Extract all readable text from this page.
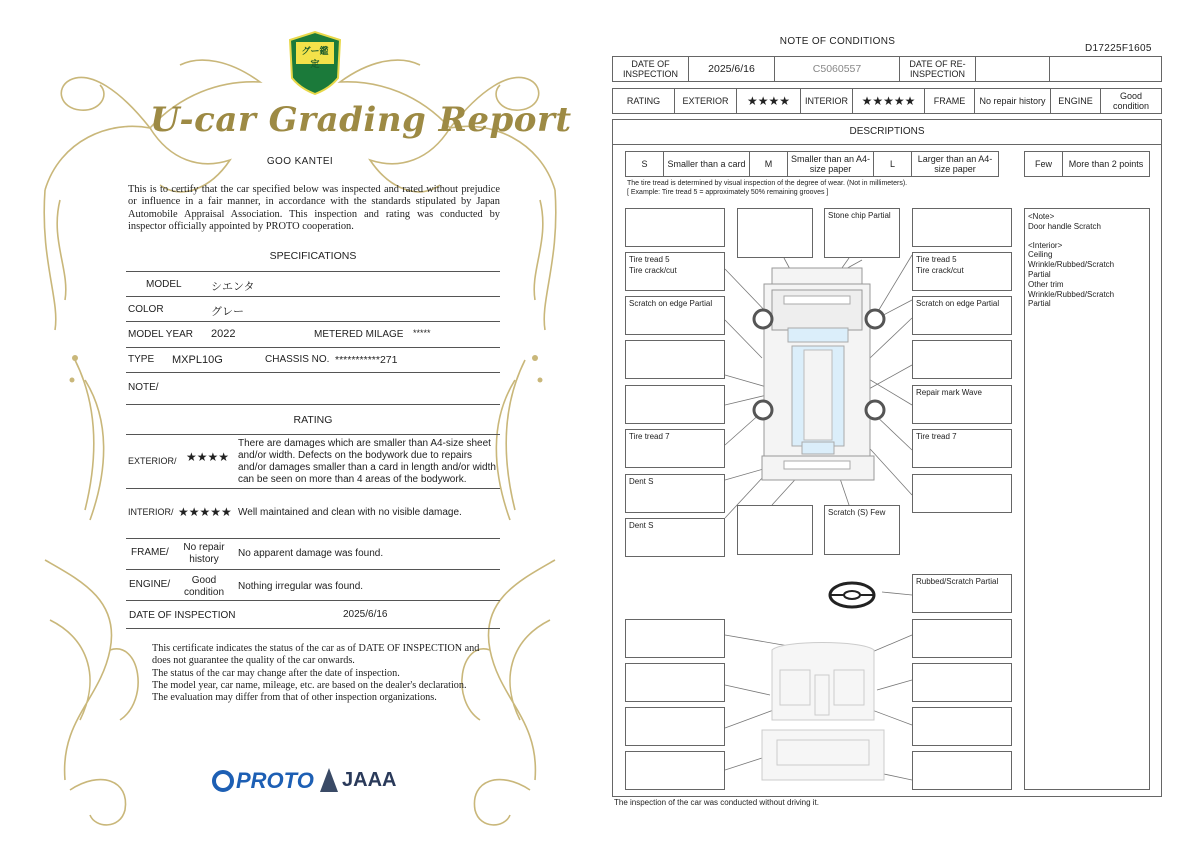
グー鑑定
U-car Grading Report
GOO KANTEI
This is to certify that the car specified below was inspected and rated without prejudice or influence in a fair manner, in accordance with the standards stipulated by Japan Automobile Appraisal Association. This inspection and rating was conducted by inspector officially appointed by PROTO cooperation.
SPECIFICATIONS
MODEL	シエンタ
COLOR	グレー
MODEL YEAR 2022	METERED MILAGE *****
TYPE MXPL10G	CHASSIS NO. ***********271
NOTE/
RATING
EXTERIOR/ ★★★★
There are damages which are smaller than A4-size sheet and/or width. Defects on the bodywork due to repairs and/or damages smaller than a card in length and/or width can be seen on more than 4 areas of the bodywork.
INTERIOR/ ★★★★★ Well maintained and clean with no visible damage.
FRAME/	No repair history
No apparent damage was found.
ENGINE/	Good condition
Nothing irregular was found.
DATE OF INSPECTION	2025/6/16
This certificate indicates the status of the car as of DATE OF INSPECTION and does not guarantee the quality of the car onwards.
The status of the car may change after the date of inspection.
The model year, car name, mileage, etc. are based on the dealer's declaration.
The evaluation may differ from that of other inspection organizations.
PROTO JAAA
NOTE OF CONDITIONS
D17225F1605
DATE OF INSPECTION	2025/6/16	C5060557	DATE OF RE-INSPECTION
RATING	EXTERIOR	★★★★	INTERIOR	★★★★★	FRAME	No repair history	ENGINE	Good condition
DESCRIPTIONS
S	Smaller than a card	M	Smaller than an A4-size paper	L	Larger than an A4-size paper	Few	More than 2 points
The tire tread is determined by visual inspection of the degree of wear. (Not in millimeters).
[ Example: Tire tread 5 = approximately 50% remaining grooves ]
Tire tread 5
Tire crack/cut
Scratch on edge Partial
Tire tread 7
Dent S
Dent S
Stone chip Partial
Scratch (S) Few
Tire tread 5
Tire crack/cut
Scratch on edge Partial
Repair mark Wave
Tire tread 7
Rubbed/Scratch Partial
<Note>
Door handle Scratch
<Interior>
Ceiling
Wrinkle/Rubbed/Scratch
Partial
Other trim
Wrinkle/Rubbed/Scratch
Partial
The inspection of the car was conducted without driving it.
